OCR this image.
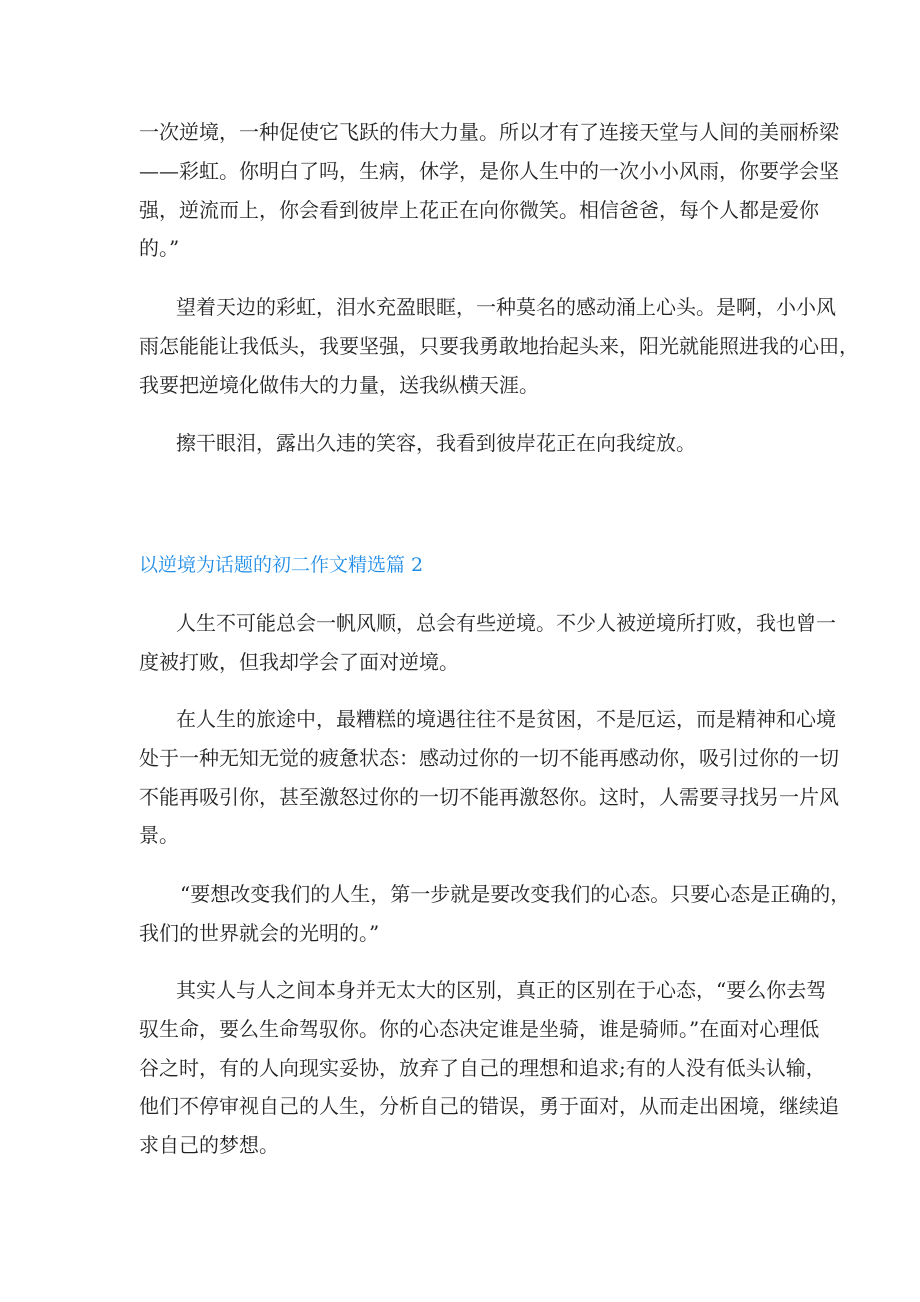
一次逆境，一种促使它飞跃的伟大力量。所以才有了连接天堂与人间的美丽桥梁
——彩虹。你明白了吗，生病，休学，是你人生中的一次小小风雨，你要学会坚
强，逆流而上，你会看到彼岸上花正在向你微笑。相信爸爸，每个人都是爱你
的。”
望着天边的彩虹，泪水充盈眼眶，一种莫名的感动涌上心头。是啊，小小风
雨怎能能让我低头，我要坚强，只要我勇敢地抬起头来，阳光就能照进我的心田，
我要把逆境化做伟大的力量，送我纵横天涯。
擦干眼泪，露出久违的笑容，我看到彼岸花正在向我绽放。
以逆境为话题的初二作文精选篇 2
人生不可能总会一帆风顺，总会有些逆境。不少人被逆境所打败，我也曾一
度被打败，但我却学会了面对逆境。
在人生的旅途中，最糟糕的境遇往往不是贫困，不是厄运，而是精神和心境
处于一种无知无觉的疲惫状态：感动过你的一切不能再感动你，吸引过你的一切
不能再吸引你，甚至激怒过你的一切不能再激怒你。这时，人需要寻找另一片风
景。
“要想改变我们的人生，第一步就是要改变我们的心态。只要心态是正确的，
我们的世界就会的光明的。”
其实人与人之间本身并无太大的区别，真正的区别在于心态，“要么你去驾
驭生命，要么生命驾驭你。你的心态决定谁是坐骑，谁是骑师。”在面对心理低
谷之时，有的人向现实妥协，放弃了自己的理想和追求;有的人没有低头认输，
他们不停审视自己的人生，分析自己的错误，勇于面对，从而走出困境，继续追
求自己的梦想。
